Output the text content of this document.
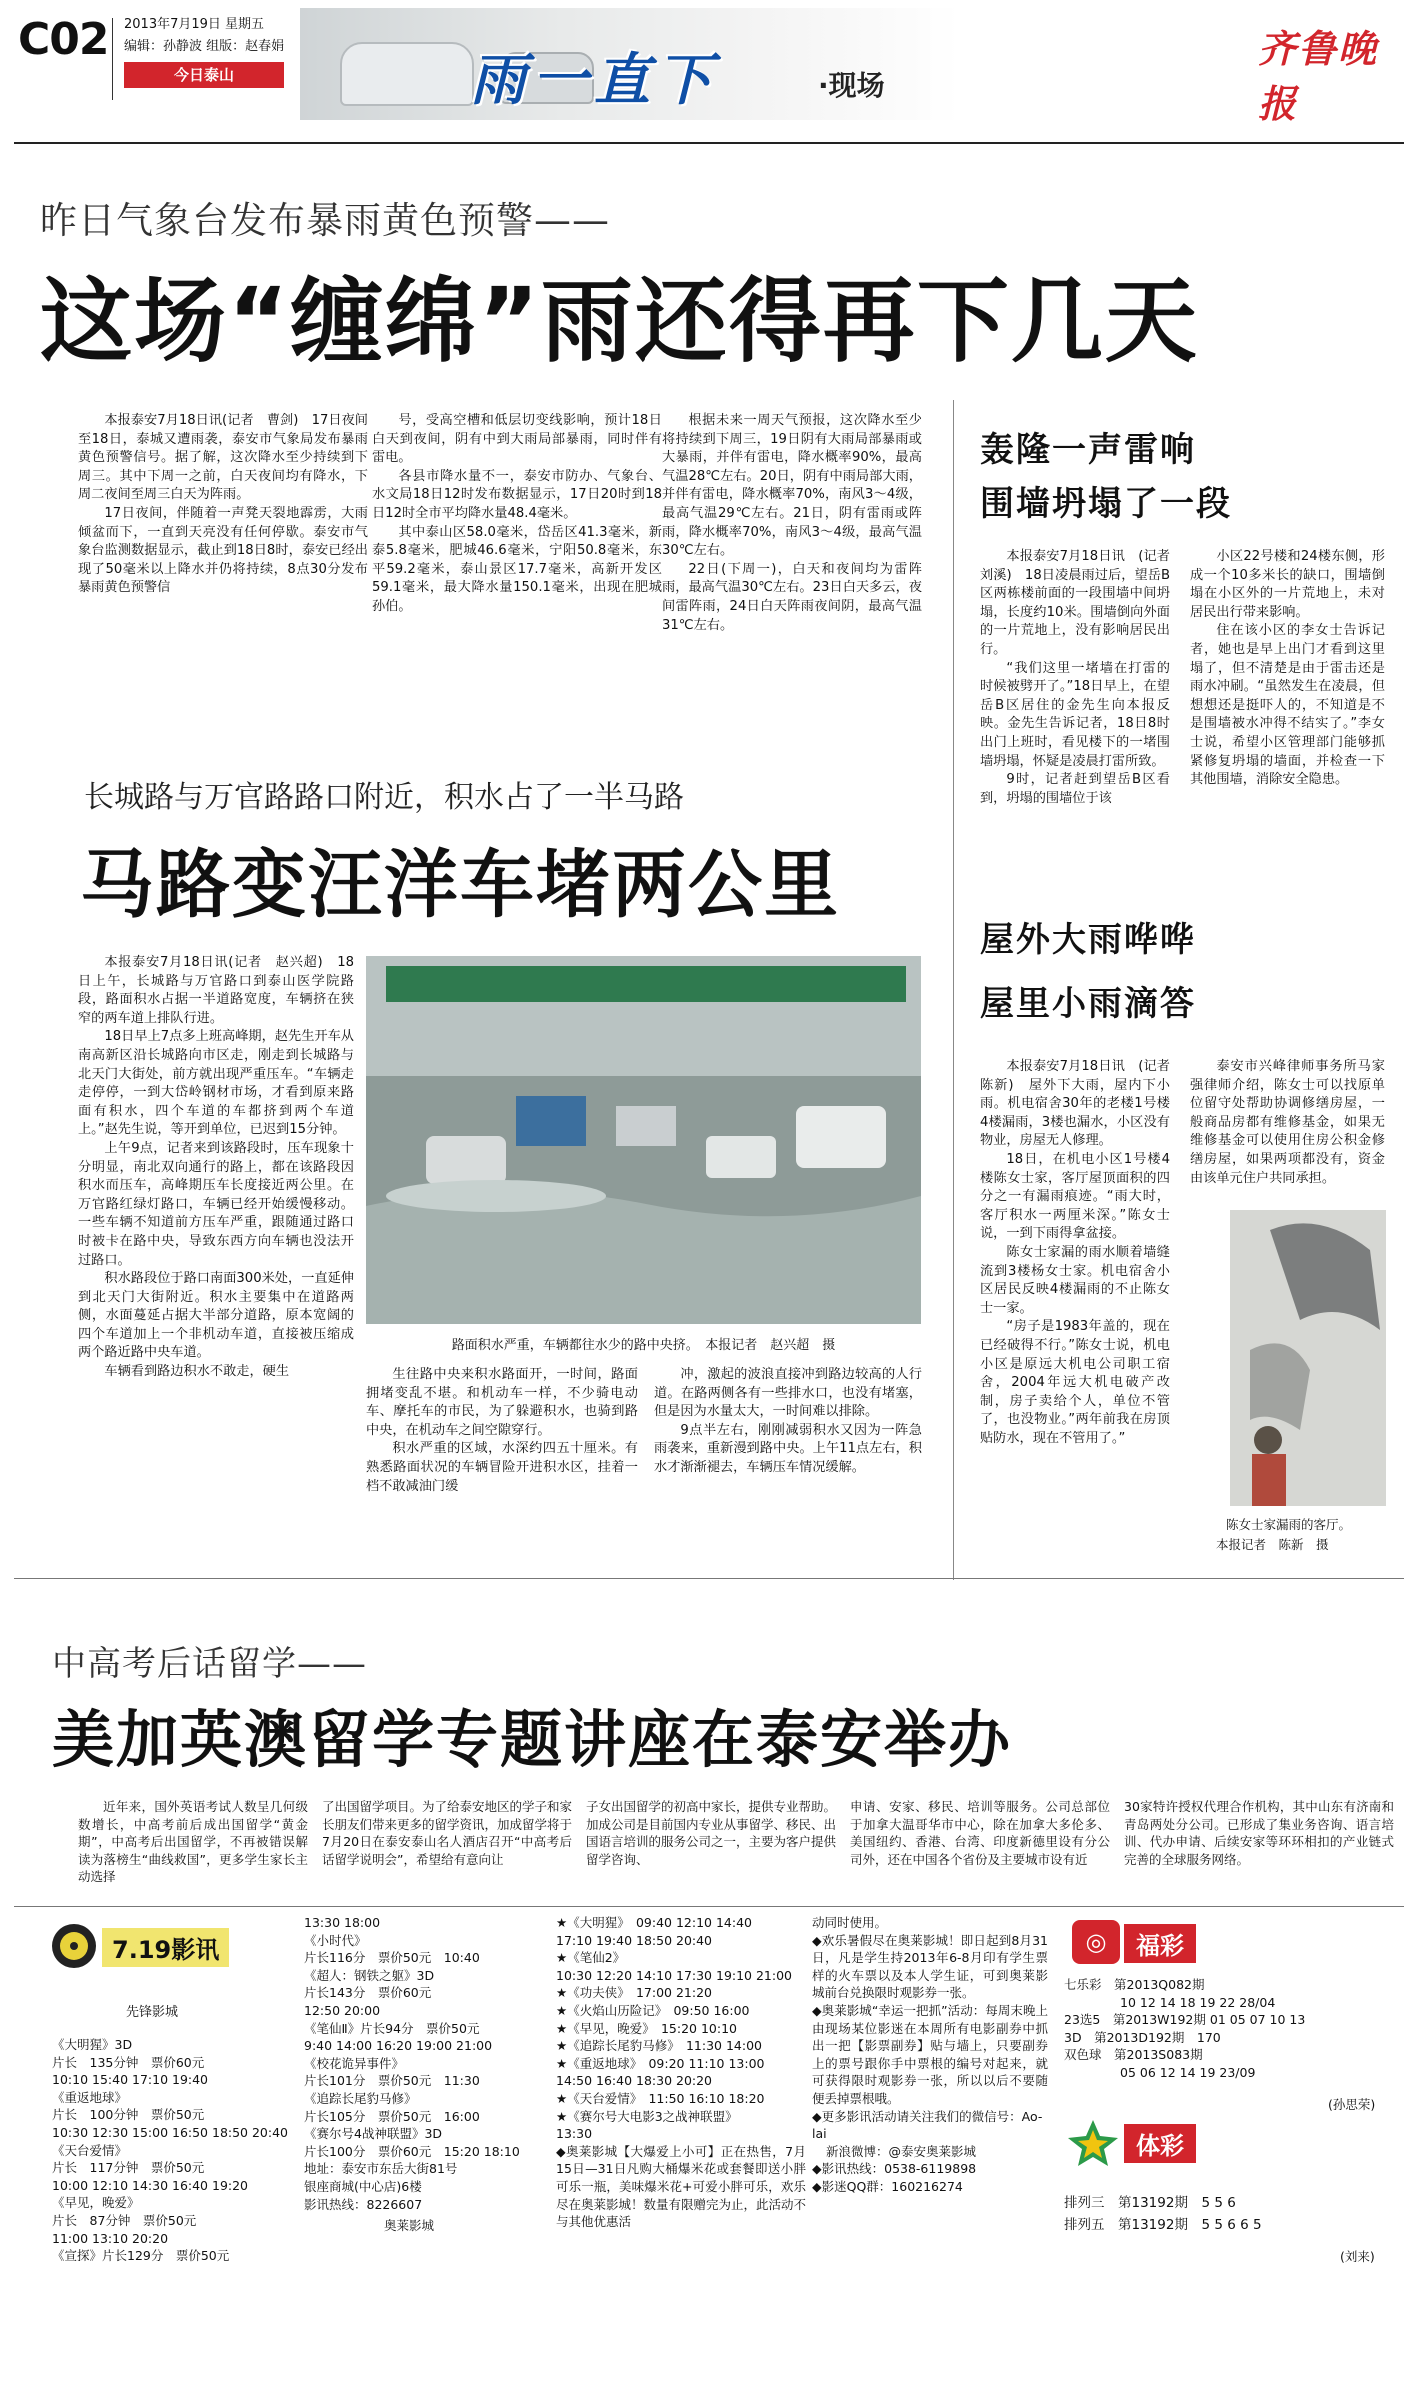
C02 2013年7月19日 星期五
编辑：孙静波 组版：赵春娟
今日泰山	雨一直下	·现场
齐鲁晚报
昨日气象台发布暴雨黄色预警——
这场“缠绵”雨还得再下几天

本报泰安7月18日讯(记者　曹剑)　17日夜间至18日，泰城又遭雨袭，泰安市气象局发布暴雨黄色预警信号。据了解，这次降水至少持续到下周三。其中下周一之前，白天夜间均有降水，下周二夜间至周三白天为阵雨。

17日夜间，伴随着一声凳天裂地霹雳，大雨倾盆而下，一直到天亮没有任何停歇。泰安市气象台监测数据显示，截止到18日8时，泰安已经出现了50毫米以上降水并仍将持续，8点30分发布暴雨黄色预警信

号，受高空槽和低层切变线影响，预计18日白天到夜间，阴有中到大雨局部暴雨，同时伴有雷电。

各县市降水量不一，泰安市防办、气象台、水文局18日12时发布数据显示，17日20时到18日12时全市平均降水量48.4毫米。

其中泰山区58.0毫米，岱岳区41.3毫米，新泰5.8毫米，肥城46.6毫米，宁阳50.8毫米，东平59.2毫米，泰山景区17.7毫米，高新开发区59.1毫米，最大降水量150.1毫米，出现在肥城孙伯。

根据未来一周天气预报，这次降水至少将持续到下周三，19日阴有大雨局部暴雨或大暴雨，并伴有雷电，降水概率90%，最高气温28℃左右。20日，阴有中雨局部大雨，并伴有雷电，降水概率70%，南风3～4级，最高气温29℃左右。21日，阴有雷雨或阵雨，降水概率70%，南风3～4级，最高气温30℃左右。

22日(下周一)，白天和夜间均为雷阵雨，最高气温30℃左右。23日白天多云，夜间雷阵雨，24日白天阵雨夜间阴，最高气温31℃左右。

轰隆一声雷响
围墙坍塌了一段

本报泰安7月18日讯　(记者　刘溪)　18日凌晨雨过后，望岳B区两栋楼前面的一段围墙中间坍塌，长度约10米。围墙倒向外面的一片荒地上，没有影响居民出行。

“我们这里一堵墙在打雷的时候被劈开了。”18日早上，在望岳B区居住的金先生向本报反映。金先生告诉记者，18日8时出门上班时，看见楼下的一堵围墙坍塌，怀疑是凌晨打雷所致。

9时，记者赶到望岳B区看到，坍塌的围墙位于该

小区22号楼和24楼东侧，形成一个10多米长的缺口，围墙倒塌在小区外的一片荒地上，未对居民出行带来影响。

住在该小区的李女士告诉记者，她也是早上出门才看到这里塌了，但不清楚是由于雷击还是雨水冲刷。“虽然发生在凌晨，但想想还是挺吓人的，不知道是不是围墙被水冲得不结实了。”李女士说，希望小区管理部门能够抓紧修复坍塌的墙面，并检查一下其他围墙，消除安全隐患。

长城路与万官路路口附近，积水占了一半马路
马路变汪洋车堵两公里

本报泰安7月18日讯(记者　赵兴超)　18日上午，长城路与万官路口到泰山医学院路段，路面积水占据一半道路宽度，车辆挤在狭窄的两车道上排队行进。

18日早上7点多上班高峰期，赵先生开车从南高新区沿长城路向市区走，刚走到长城路与北天门大街处，前方就出现严重压车。“车辆走走停停，一到大岱岭钢材市场，才看到原来路面有积水，四个车道的车都挤到两个车道上。”赵先生说，等开到单位，已迟到15分钟。

上午9点，记者来到该路段时，压车现象十分明显，南北双向通行的路上，都在该路段因积水而压车，高峰期压车长度接近两公里。在万官路红绿灯路口，车辆已经开始缓慢移动。一些车辆不知道前方压车严重，跟随通过路口时被卡在路中央，导致东西方向车辆也没法开过路口。

积水路段位于路口南面300米处，一直延伸到北天门大街附近。积水主要集中在道路两侧，水面蔓延占据大半部分道路，原本宽阔的四个车道加上一个非机动车道，直接被压缩成两个路近路中央车道。

车辆看到路边积水不敢走，硬生

路面积水严重，车辆都往水少的路中央挤。　本报记者　赵兴超　摄

生往路中央来积水路面开，一时间，路面拥堵变乱不堪。和机动车一样，不少骑电动车、摩托车的市民，为了躲避积水，也骑到路中央，在机动车之间空隙穿行。

积水严重的区域，水深约四五十厘米。有熟悉路面状况的车辆冒险开进积水区，挂着一档不敢减油门缓

冲，激起的波浪直接冲到路边较高的人行道。在路两侧各有一些排水口，也没有堵塞，但是因为水量太大，一时间难以排除。

9点半左右，刚刚减弱积水又因为一阵急雨袭来，重新漫到路中央。上午11点左右，积水才渐渐褪去，车辆压车情况缓解。

屋外大雨哗哗
屋里小雨滴答

本报泰安7月18日讯　(记者　陈新)　屋外下大雨，屋内下小雨。机电宿舍30年的老楼1号楼4楼漏雨，3楼也漏水，小区没有物业，房屋无人修理。

18日，在机电小区1号楼4楼陈女士家，客厅屋顶面积的四分之一有漏雨痕迹。“雨大时，客厅积水一两厘米深。”陈女士说，一到下雨得拿盆接。

陈女士家漏的雨水顺着墙缝流到3楼杨女士家。机电宿舍小区居民反映4楼漏雨的不止陈女士一家。

“房子是1983年盖的，现在已经破得不行。”陈女士说，机电小区是原远大机电公司职工宿舍，2004年远大机电破产改制，房子卖给个人，单位不管了，也没物业。”两年前我在房顶贴防水，现在不管用了。”

泰安市兴峰律师事务所马家强律师介绍，陈女士可以找原单位留守处帮助协调修缮房屋，一般商品房都有维修基金，如果无维修基金可以使用住房公积金修缮房屋，如果两项都没有，资金由该单元住户共同承担。

陈女士家漏雨的客厅。
本报记者　陈新　摄
中高考后话留学——
美加英澳留学专题讲座在泰安举办

近年来，国外英语考试人数呈几何级数增长，中高考前后成出国留学“黄金期”，中高考后出国留学，不再被错误解读为落榜生“曲线救国”，更多学生家长主动选择

了出国留学项目。为了给泰安地区的学子和家长朋友们带来更多的留学资讯，加成留学将于7月20日在泰安泰山名人酒店召开“中高考后话留学说明会”，希望给有意向让

子女出国留学的初高中家长，提供专业帮助。
加成公司是目前国内专业从事留学、移民、出国语言培训的服务公司之一，主要为客户提供留学咨询、

申请、安家、移民、培训等服务。公司总部位于加拿大温哥华市中心，除在加拿大多伦多、美国纽约、香港、台湾、印度新德里设有分公司外，还在中国各个省份及主要城市设有近

30家特许授权代理合作机构，其中山东有济南和青岛两处分公司。已形成了集业务咨询、语言培训、代办申请、后续安家等环环相扣的产业链式完善的全球服务网络。

7.19影讯
先锋影城

《大明猩》3D

片长　135分钟　票价60元

10:10 15:40 17:10 19:40

《重返地球》

片长　100分钟　票价50元

10:30 12:30 15:00 16:50 18:50 20:40

《天台爱情》

片长　117分钟　票价50元

10:00 12:10 14:30 16:40 19:20

《早见，晚爱》

片长　87分钟　票价50元

11:00 13:10 20:20

《宣探》片长129分　票价50元

13:30 18:00

《小时代》

片长116分　票价50元　10:40

《超人：钢铁之躯》3D

片长143分　票价60元

12:50 20:00

《笔仙Ⅱ》片长94分　票价50元

9:40 14:00 16:20 19:00 21:00

《校花诡异事件》

片长101分　票价50元　11:30

《追踪长尾豹马修》

片长105分　票价50元　16:00

《赛尔号4战神联盟》3D

片长100分　票价60元　15:20 18:10

地址：泰安市东岳大街81号

银座商城(中心店)6楼

影讯热线：8226607

奥莱影城

★《大明猩》　09:40 12:10 14:40

17:10 19:40 18:50 20:40

★《笔仙2》

10:30 12:20 14:10 17:30 19:10 21:00

★《功夫侠》　17:00 21:20

★《火焰山历险记》　09:50 16:00

★《早见，晚爱》　15:20 10:10

★《追踪长尾豹马修》　11:30 14:00

★《重返地球》　09:20 11:10 13:00

14:50 16:40 18:30 20:20

★《天台爱情》　11:50 16:10 18:20

★《赛尔号大电影3之战神联盟》

13:30

◆奥莱影城【大爆爱上小可】正在热售，7月15日—31日凡购大桶爆米花或套餐即送小胖可乐一瓶，美味爆米花+可爱小胖可乐，欢乐尽在奥莱影城！数量有限赠完为止，此活动不与其他优惠活

动同时使用。

◆欢乐暑假尽在奥莱影城！即日起到8月31日，凡是学生持2013年6-8月印有学生票样的火车票以及本人学生证，可到奥莱影城前台兑换限时观影券一张。

◆奥莱影城“幸运一把抓”活动：每周末晚上由现场某位影迷在本周所有电影副券中抓出一把【影票副券】贴与墙上，只要副券上的票号跟你手中票根的编号对起来，就可获得限时观影券一张，所以以后不要随便丢掉票根哦。

◆更多影讯活动请关注我们的微信号：Ao-lai

新浪微博：@泰安奥莱影城

◆影讯热线：0538-6119898

◆影迷QQ群：160216274

◎	福彩

七乐彩　第2013Q082期

10 12 14 18 19 22 28/04

23选5　第2013W192期 01 05 07 10 13

3D　第2013D192期　170

双色球　第2013S083期

05 06 12 14 19 23/09

(孙思荣)
体彩

排列三　第13192期　5 5 6

排列五　第13192期　5 5 6 6 5

(刘来)
